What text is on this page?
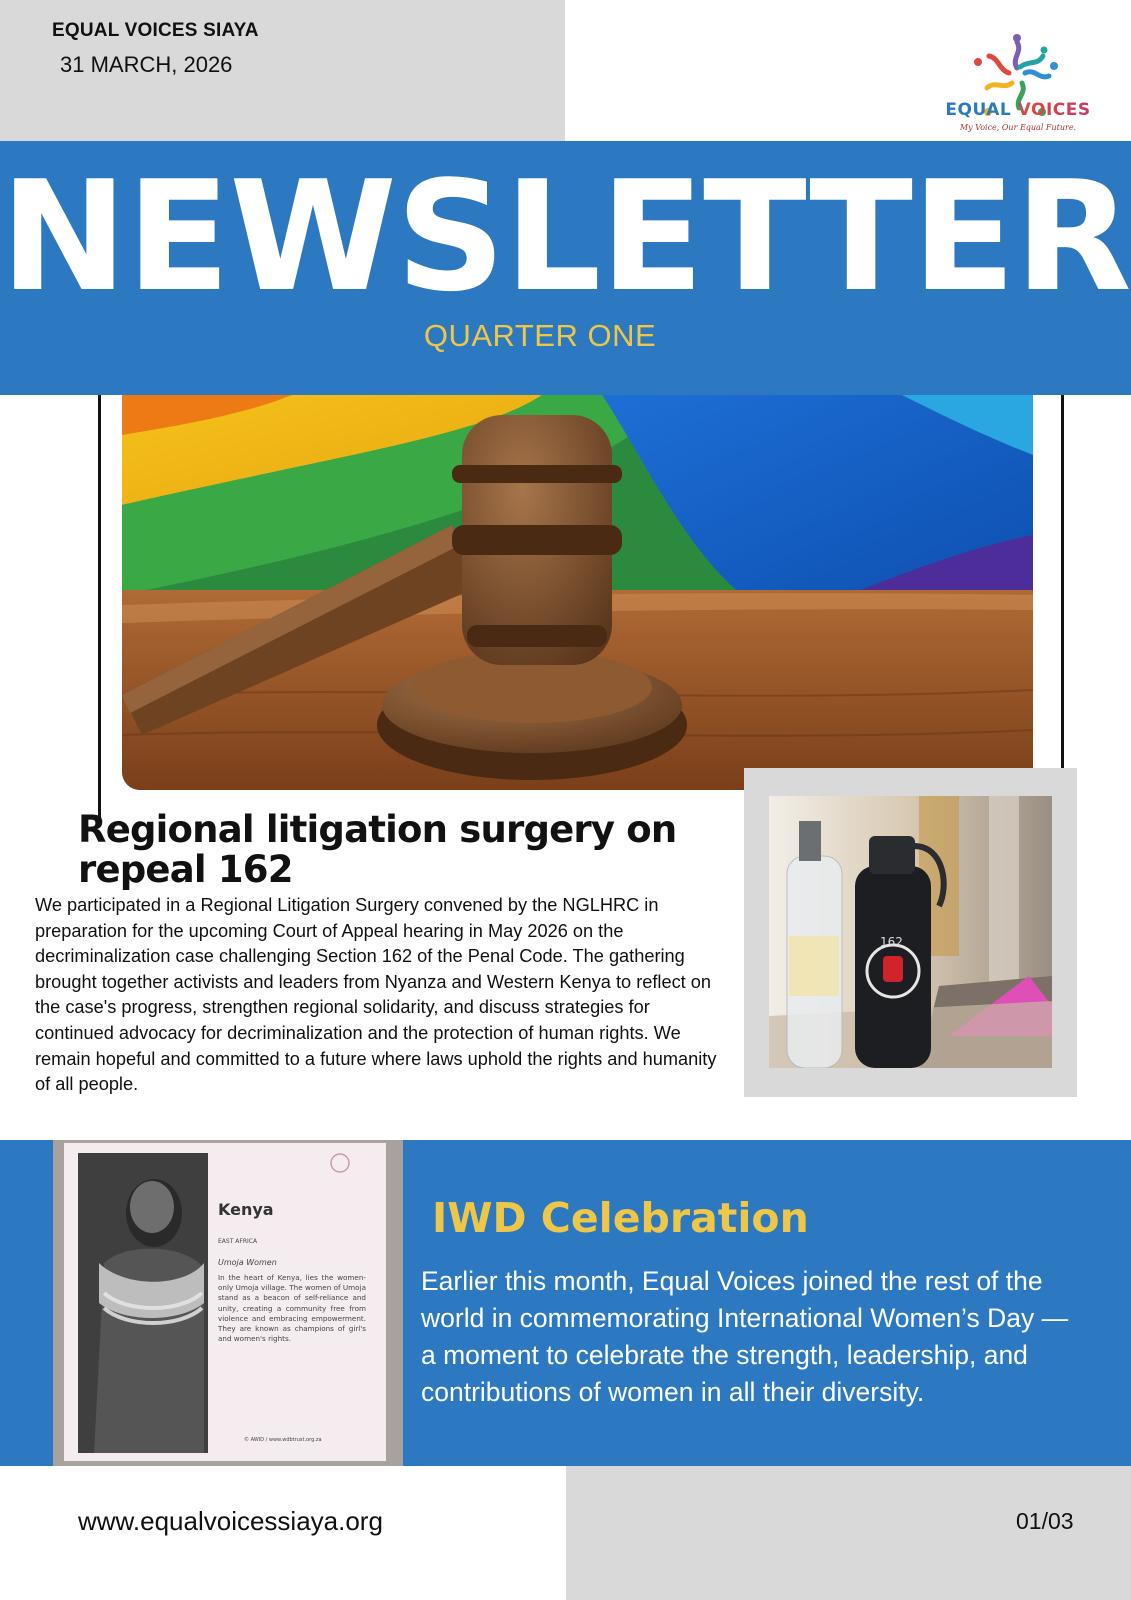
EQUAL VOICES SIAYA
31 MARCH, 2026
EQUAL VOICES
My Voice, Our Equal Future.
NEWSLETTER
QUARTER ONE
Regional litigation surgery on repeal 162
We participated in a Regional Litigation Surgery convened by the NGLHRC in preparation for the upcoming Court of Appeal hearing in May 2026 on the decriminalization case challenging Section 162 of the Penal Code. The gathering brought together activists and leaders from Nyanza and Western Kenya to reflect on the case's progress, strengthen regional solidarity, and discuss strategies for continued advocacy for decriminalization and the protection of human rights. We remain hopeful and committed to a future where laws uphold the rights and humanity of all people.
162
Kenya
EAST AFRICA
Umoja Women
In the heart of Kenya, lies the women-only Umoja village. The women of Umoja stand as a beacon of self-reliance and unity, creating a community free from violence and embracing empowerment. They are known as champions of girl's and women's rights.
© AWID / www.wdbtrust.org.za
IWD Celebration
Earlier this month, Equal Voices joined the rest of the world in commemorating International Women’s Day — a moment to celebrate the strength, leadership, and contributions of women in all their diversity.
www.equalvoicessiaya.org	01/03
